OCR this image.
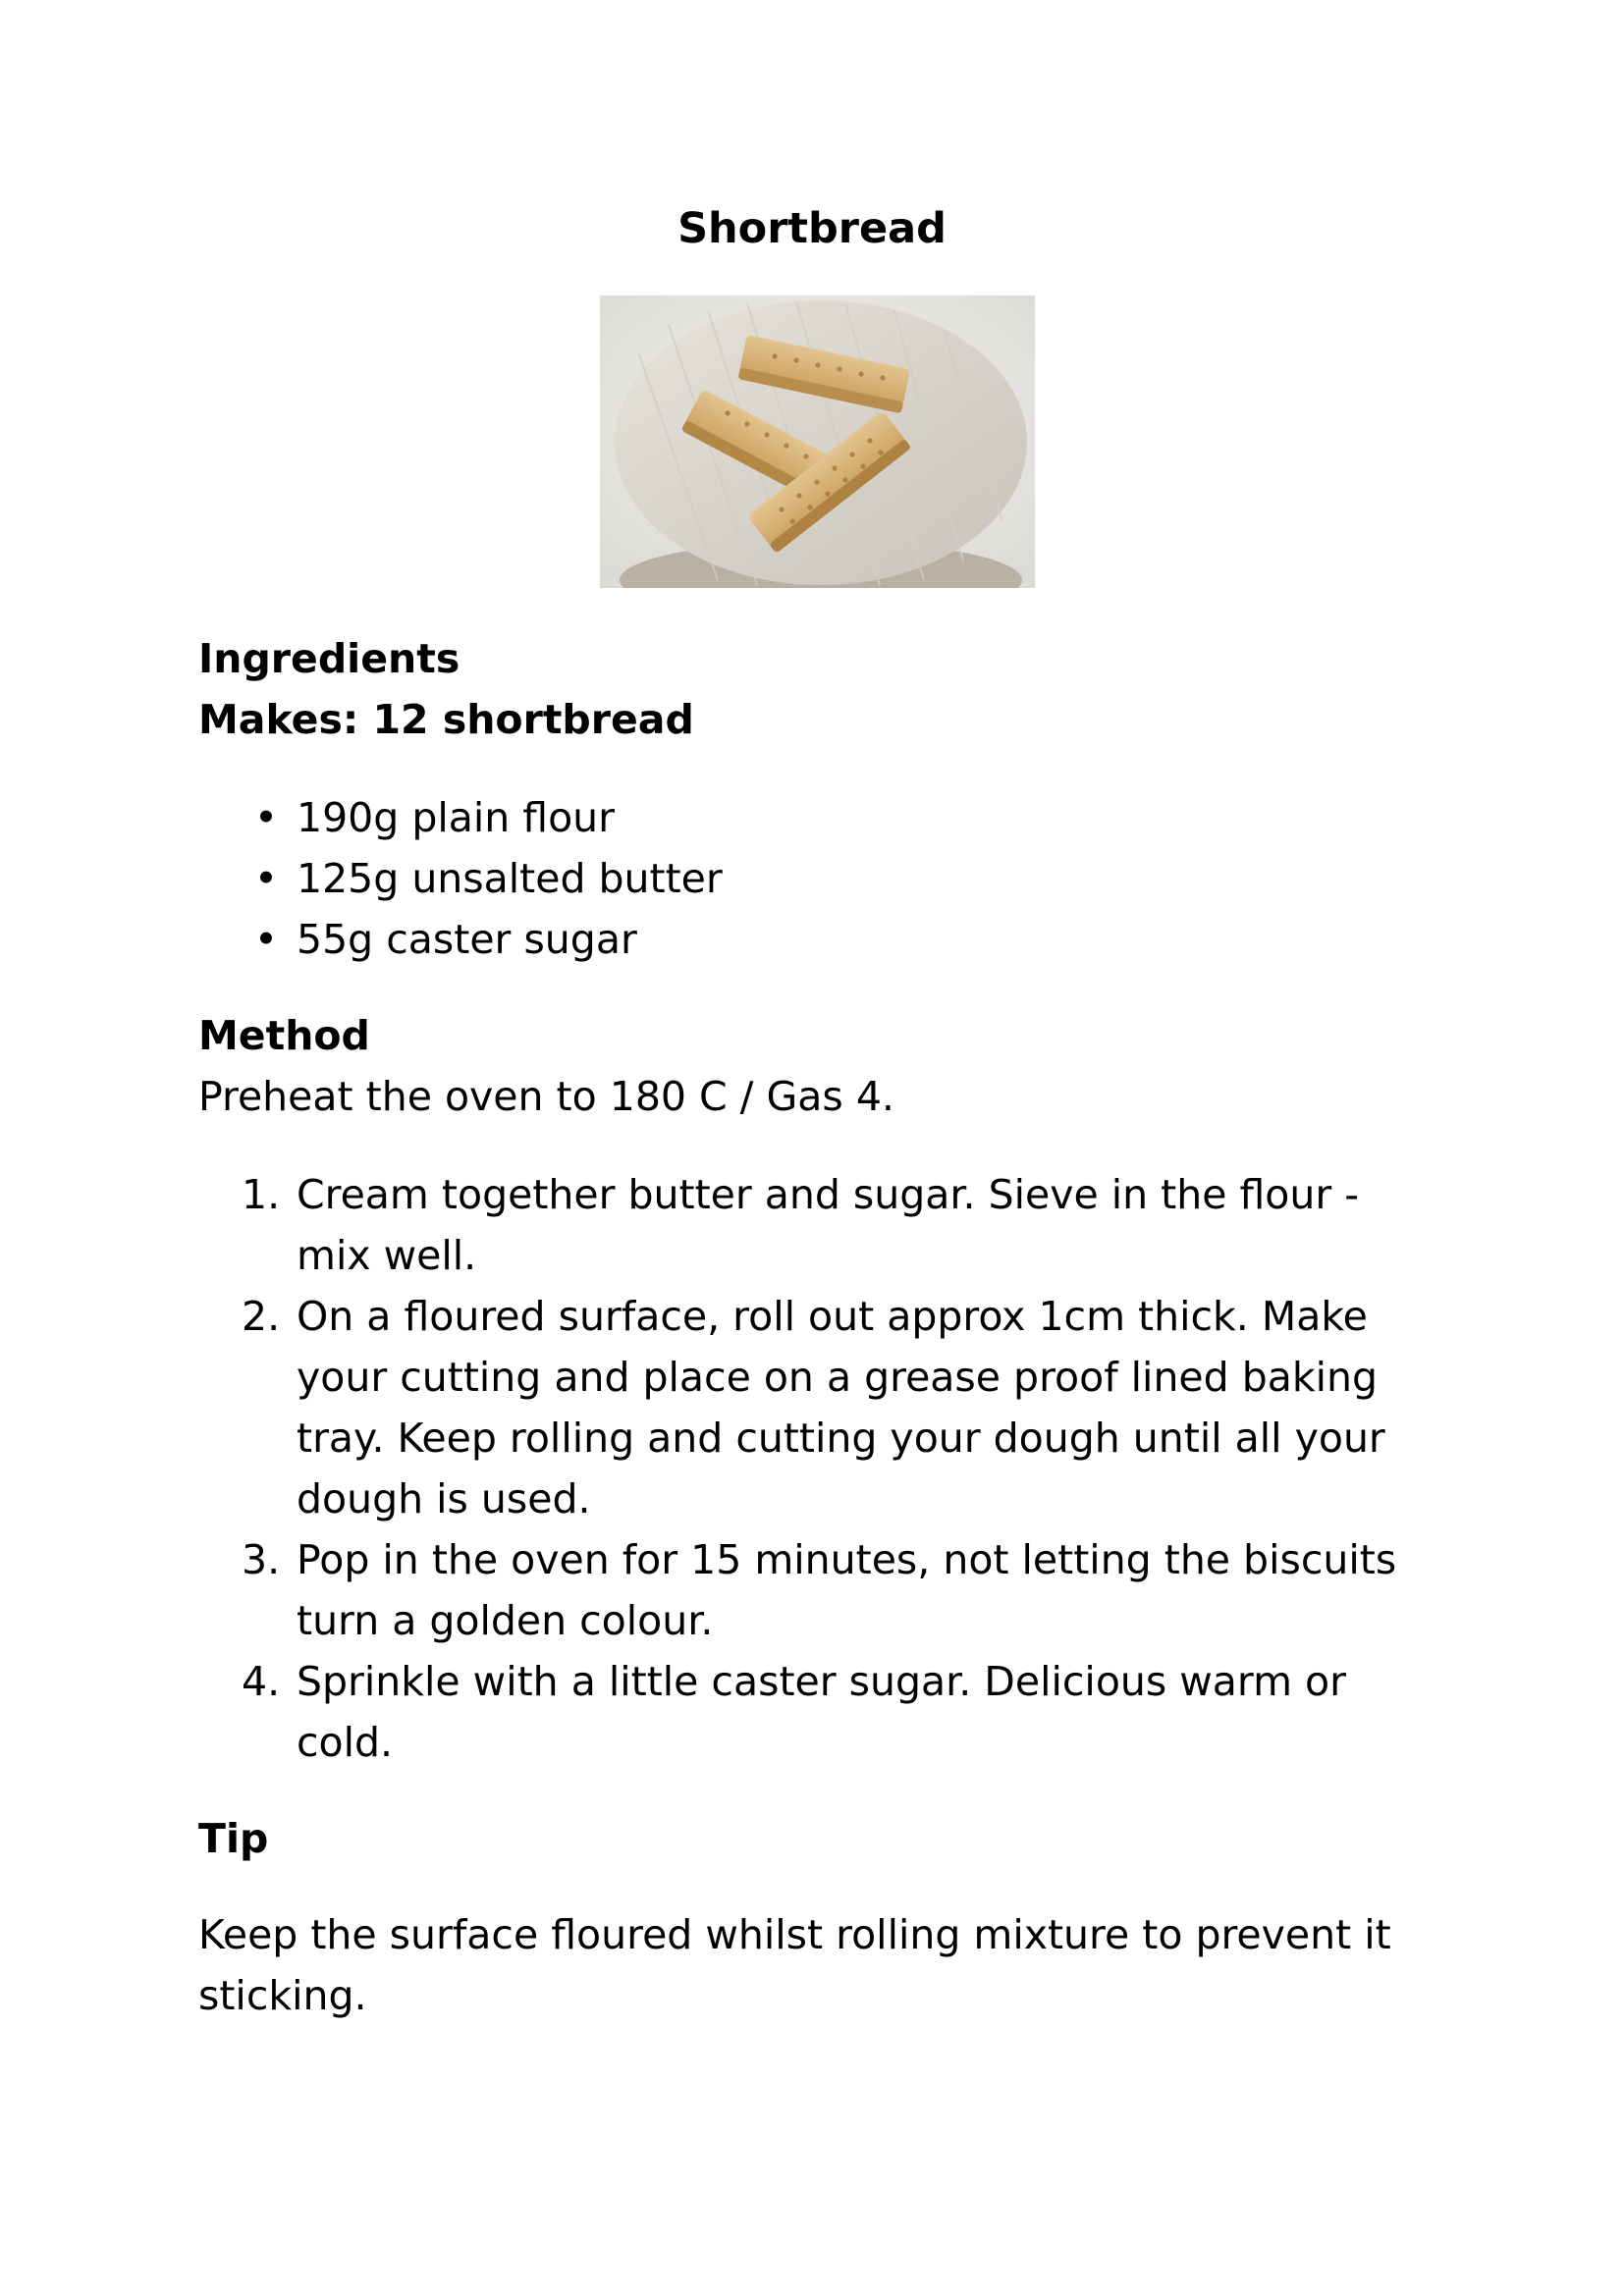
Shortbread

Ingredients

Makes: 12 shortbread

• 190g plain flour
• 125g unsalted butter
• 55g caster sugar

Method

Preheat the oven to 180 C / Gas 4.

1. Cream together butter and sugar. Sieve in the flour - mix well.
2. On a floured surface, roll out approx 1cm thick. Make your cutting and place on a grease proof lined baking tray. Keep rolling and cutting your dough until all your dough is used.
3. Pop in the oven for 15 minutes, not letting the biscuits turn a golden colour.
4. Sprinkle with a little caster sugar. Delicious warm or cold.

Tip

Keep the surface floured whilst rolling mixture to prevent it sticking.
